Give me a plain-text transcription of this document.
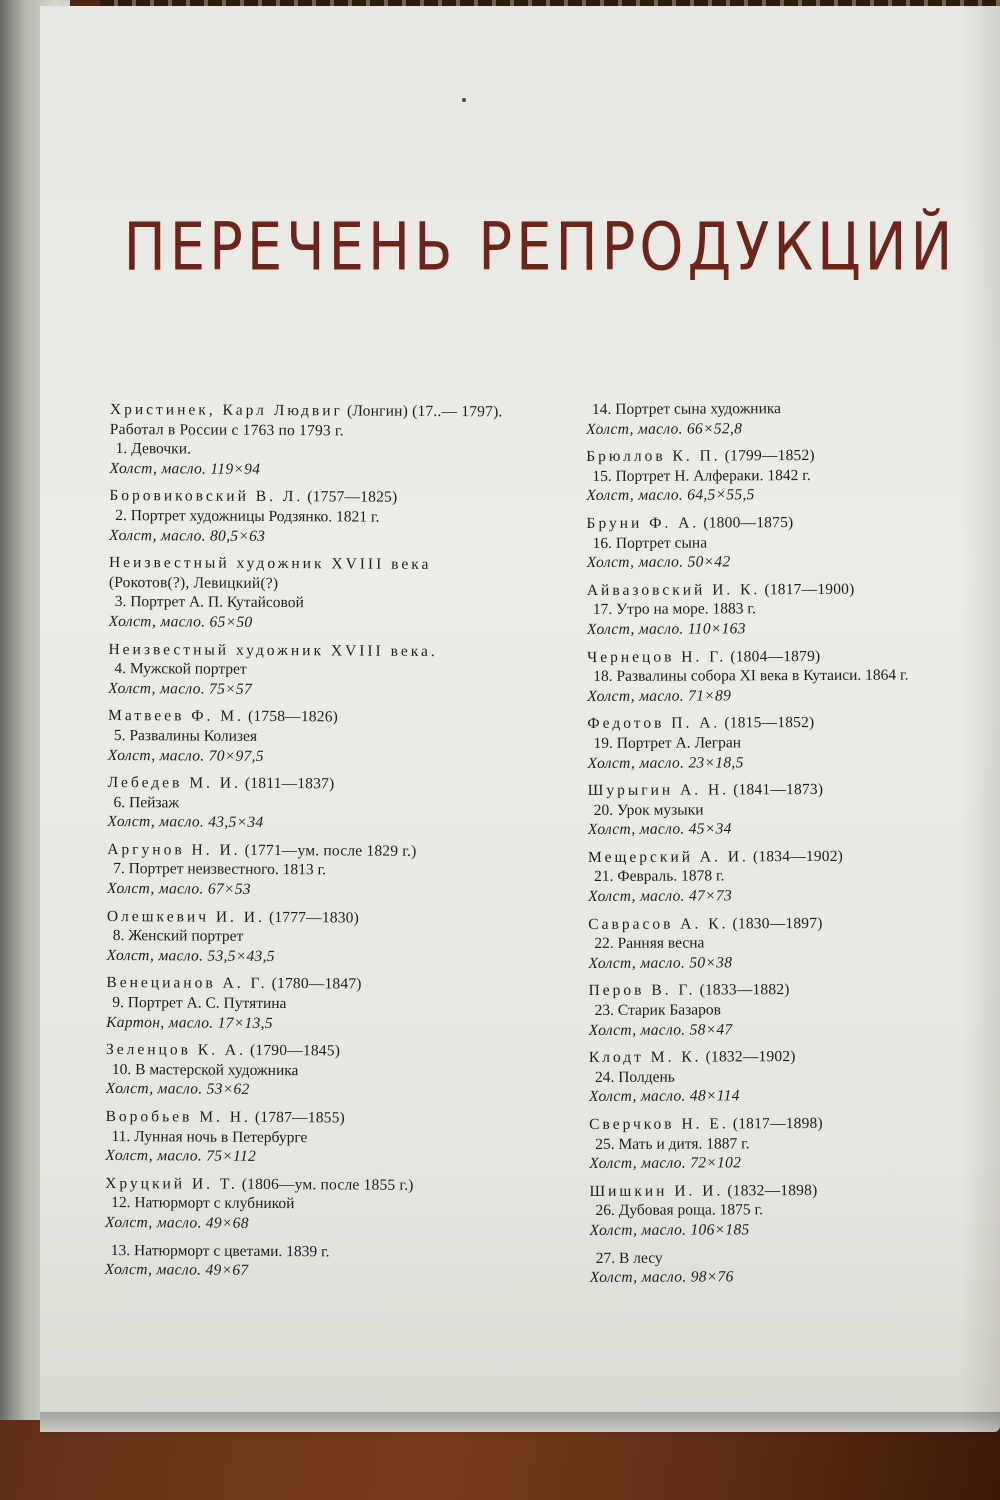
ПЕРЕЧЕНЬ РЕПРОДУКЦИЙ
Христинек, Карл Людвиг (Лонгин) (17..— 1797). Работал в России с 1763 по 1793 г.
1. Девочки.
Холст, масло. 119×94
Боровиковский В. Л. (1757—1825)
2. Портрет художницы Родзянко. 1821 г.
Холст, масло. 80,5×63
Неизвестный художник XVIII века (Рокотов(?), Левицкий(?)
3. Портрет А. П. Кутайсовой
Холст, масло. 65×50
Неизвестный художник XVIII века.
4. Мужской портрет
Холст, масло. 75×57
Матвеев Ф. М. (1758—1826)
5. Развалины Колизея
Холст, масло. 70×97,5
Лебедев М. И. (1811—1837)
6. Пейзаж
Холст, масло. 43,5×34
Аргунов Н. И. (1771—ум. после 1829 г.)
7. Портрет неизвестного. 1813 г.
Холст, масло. 67×53
Олешкевич И. И. (1777—1830)
8. Женский портрет
Холст, масло. 53,5×43,5
Венецианов А. Г. (1780—1847)
9. Портрет А. С. Путятина
Картон, масло. 17×13,5
Зеленцов К. А. (1790—1845)
10. В мастерской художника
Холст, масло. 53×62
Воробьев М. Н. (1787—1855)
11. Лунная ночь в Петербурге
Холст, масло. 75×112
Хруцкий И. Т. (1806—ум. после 1855 г.)
12. Натюрморт с клубникой
Холст, масло. 49×68
13. Натюрморт с цветами. 1839 г.
Холст, масло. 49×67
14. Портрет сына художника
Холст, масло. 66×52,8
Брюллов К. П. (1799—1852)
15. Портрет Н. Алфераки. 1842 г.
Холст, масло. 64,5×55,5
Бруни Ф. А. (1800—1875)
16. Портрет сына
Холст, масло. 50×42
Айвазовский И. К. (1817—1900)
17. Утро на море. 1883 г.
Холст, масло. 110×163
Чернецов Н. Г. (1804—1879)
18. Развалины собора XI века в Кутаиси. 1864 г.
Холст, масло. 71×89
Федотов П. А. (1815—1852)
19. Портрет А. Легран
Холст, масло. 23×18,5
Шурыгин А. Н. (1841—1873)
20. Урок музыки
Холст, масло. 45×34
Мещерский А. И. (1834—1902)
21. Февраль. 1878 г.
Холст, масло. 47×73
Саврасов А. К. (1830—1897)
22. Ранняя весна
Холст, масло. 50×38
Перов В. Г. (1833—1882)
23. Старик Базаров
Холст, масло. 58×47
Клодт М. К. (1832—1902)
24. Полдень
Холст, масло. 48×114
Сверчков Н. Е. (1817—1898)
25. Мать и дитя. 1887 г.
Холст, масло. 72×102
Шишкин И. И. (1832—1898)
26. Дубовая роща. 1875 г.
Холст, масло. 106×185
27. В лесу
Холст, масло. 98×76
